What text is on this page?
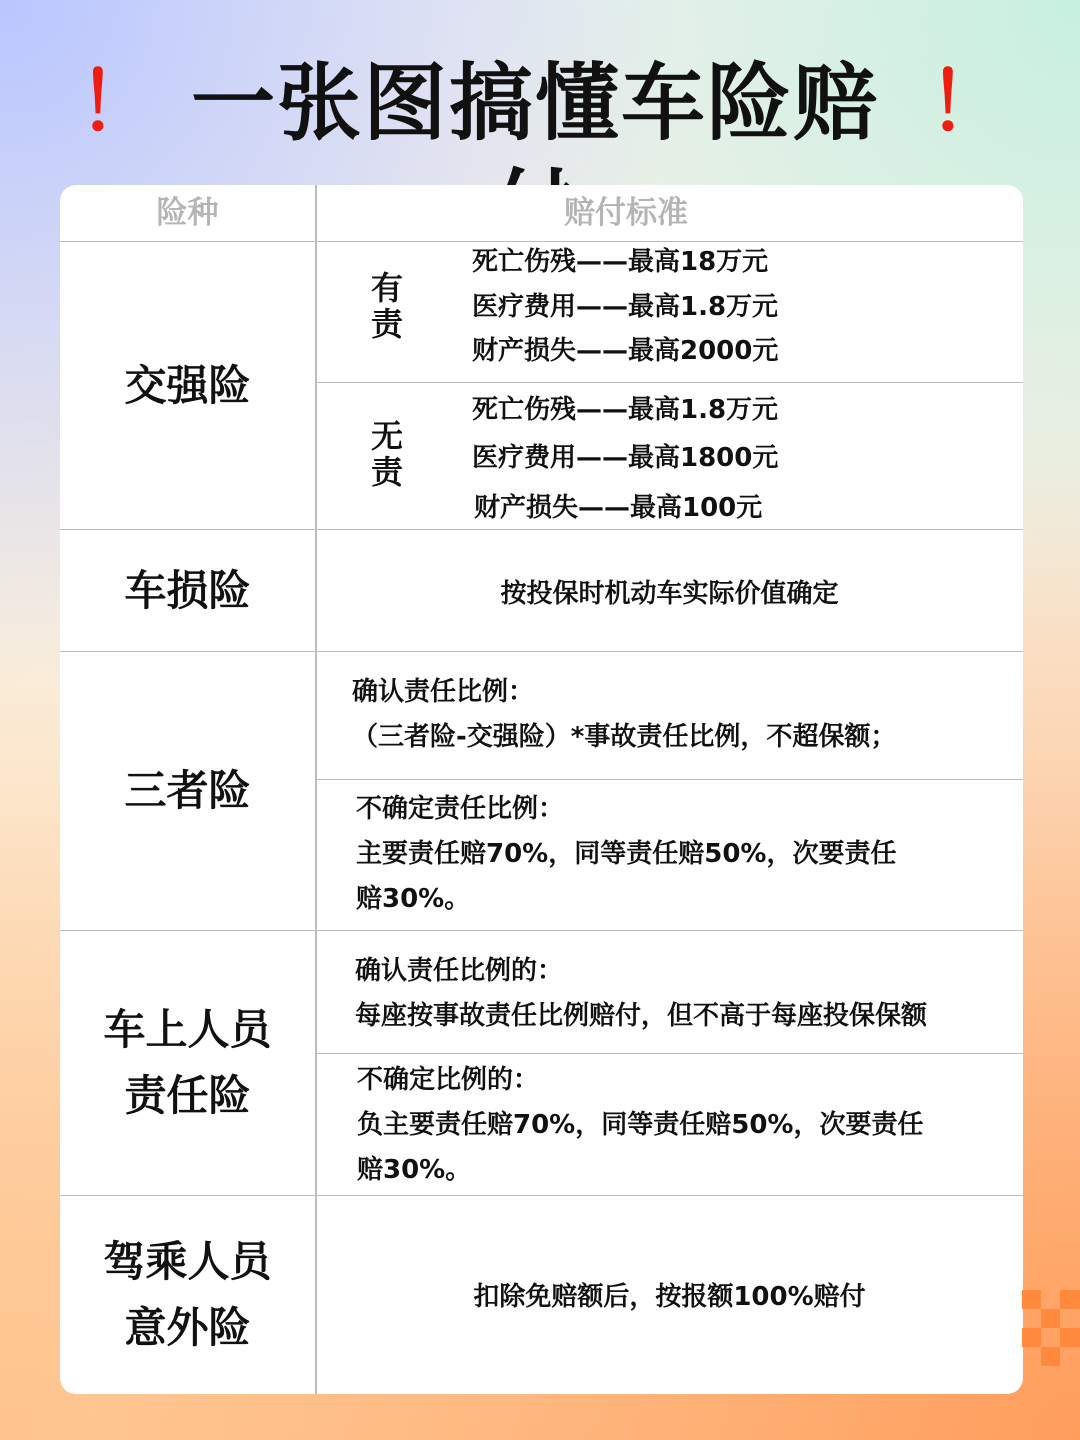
！ 一张图搞懂车险赔 ！
险种	赔付标准
交强险
有
责
死亡伤残——最高18万元
医疗费用——最高1.8万元
财产损失——最高2000元
无
责
死亡伤残——最高1.8万元
医疗费用——最高1800元
财产损失——最高100元
车损险	按投保时机动车实际价值确定
三者险
确认责任比例：
（三者险-交强险）*事故责任比例，不超保额；
不确定责任比例：
主要责任赔70%，同等责任赔50%，次要责任
赔30%。
车上人员
责任险
确认责任比例的：
每座按事故责任比例赔付，但不高于每座投保保额
不确定比例的：
负主要责任赔70%，同等责任赔50%，次要责任
赔30%。
驾乘人员
意外险
扣除免赔额后，按报额100%赔付
